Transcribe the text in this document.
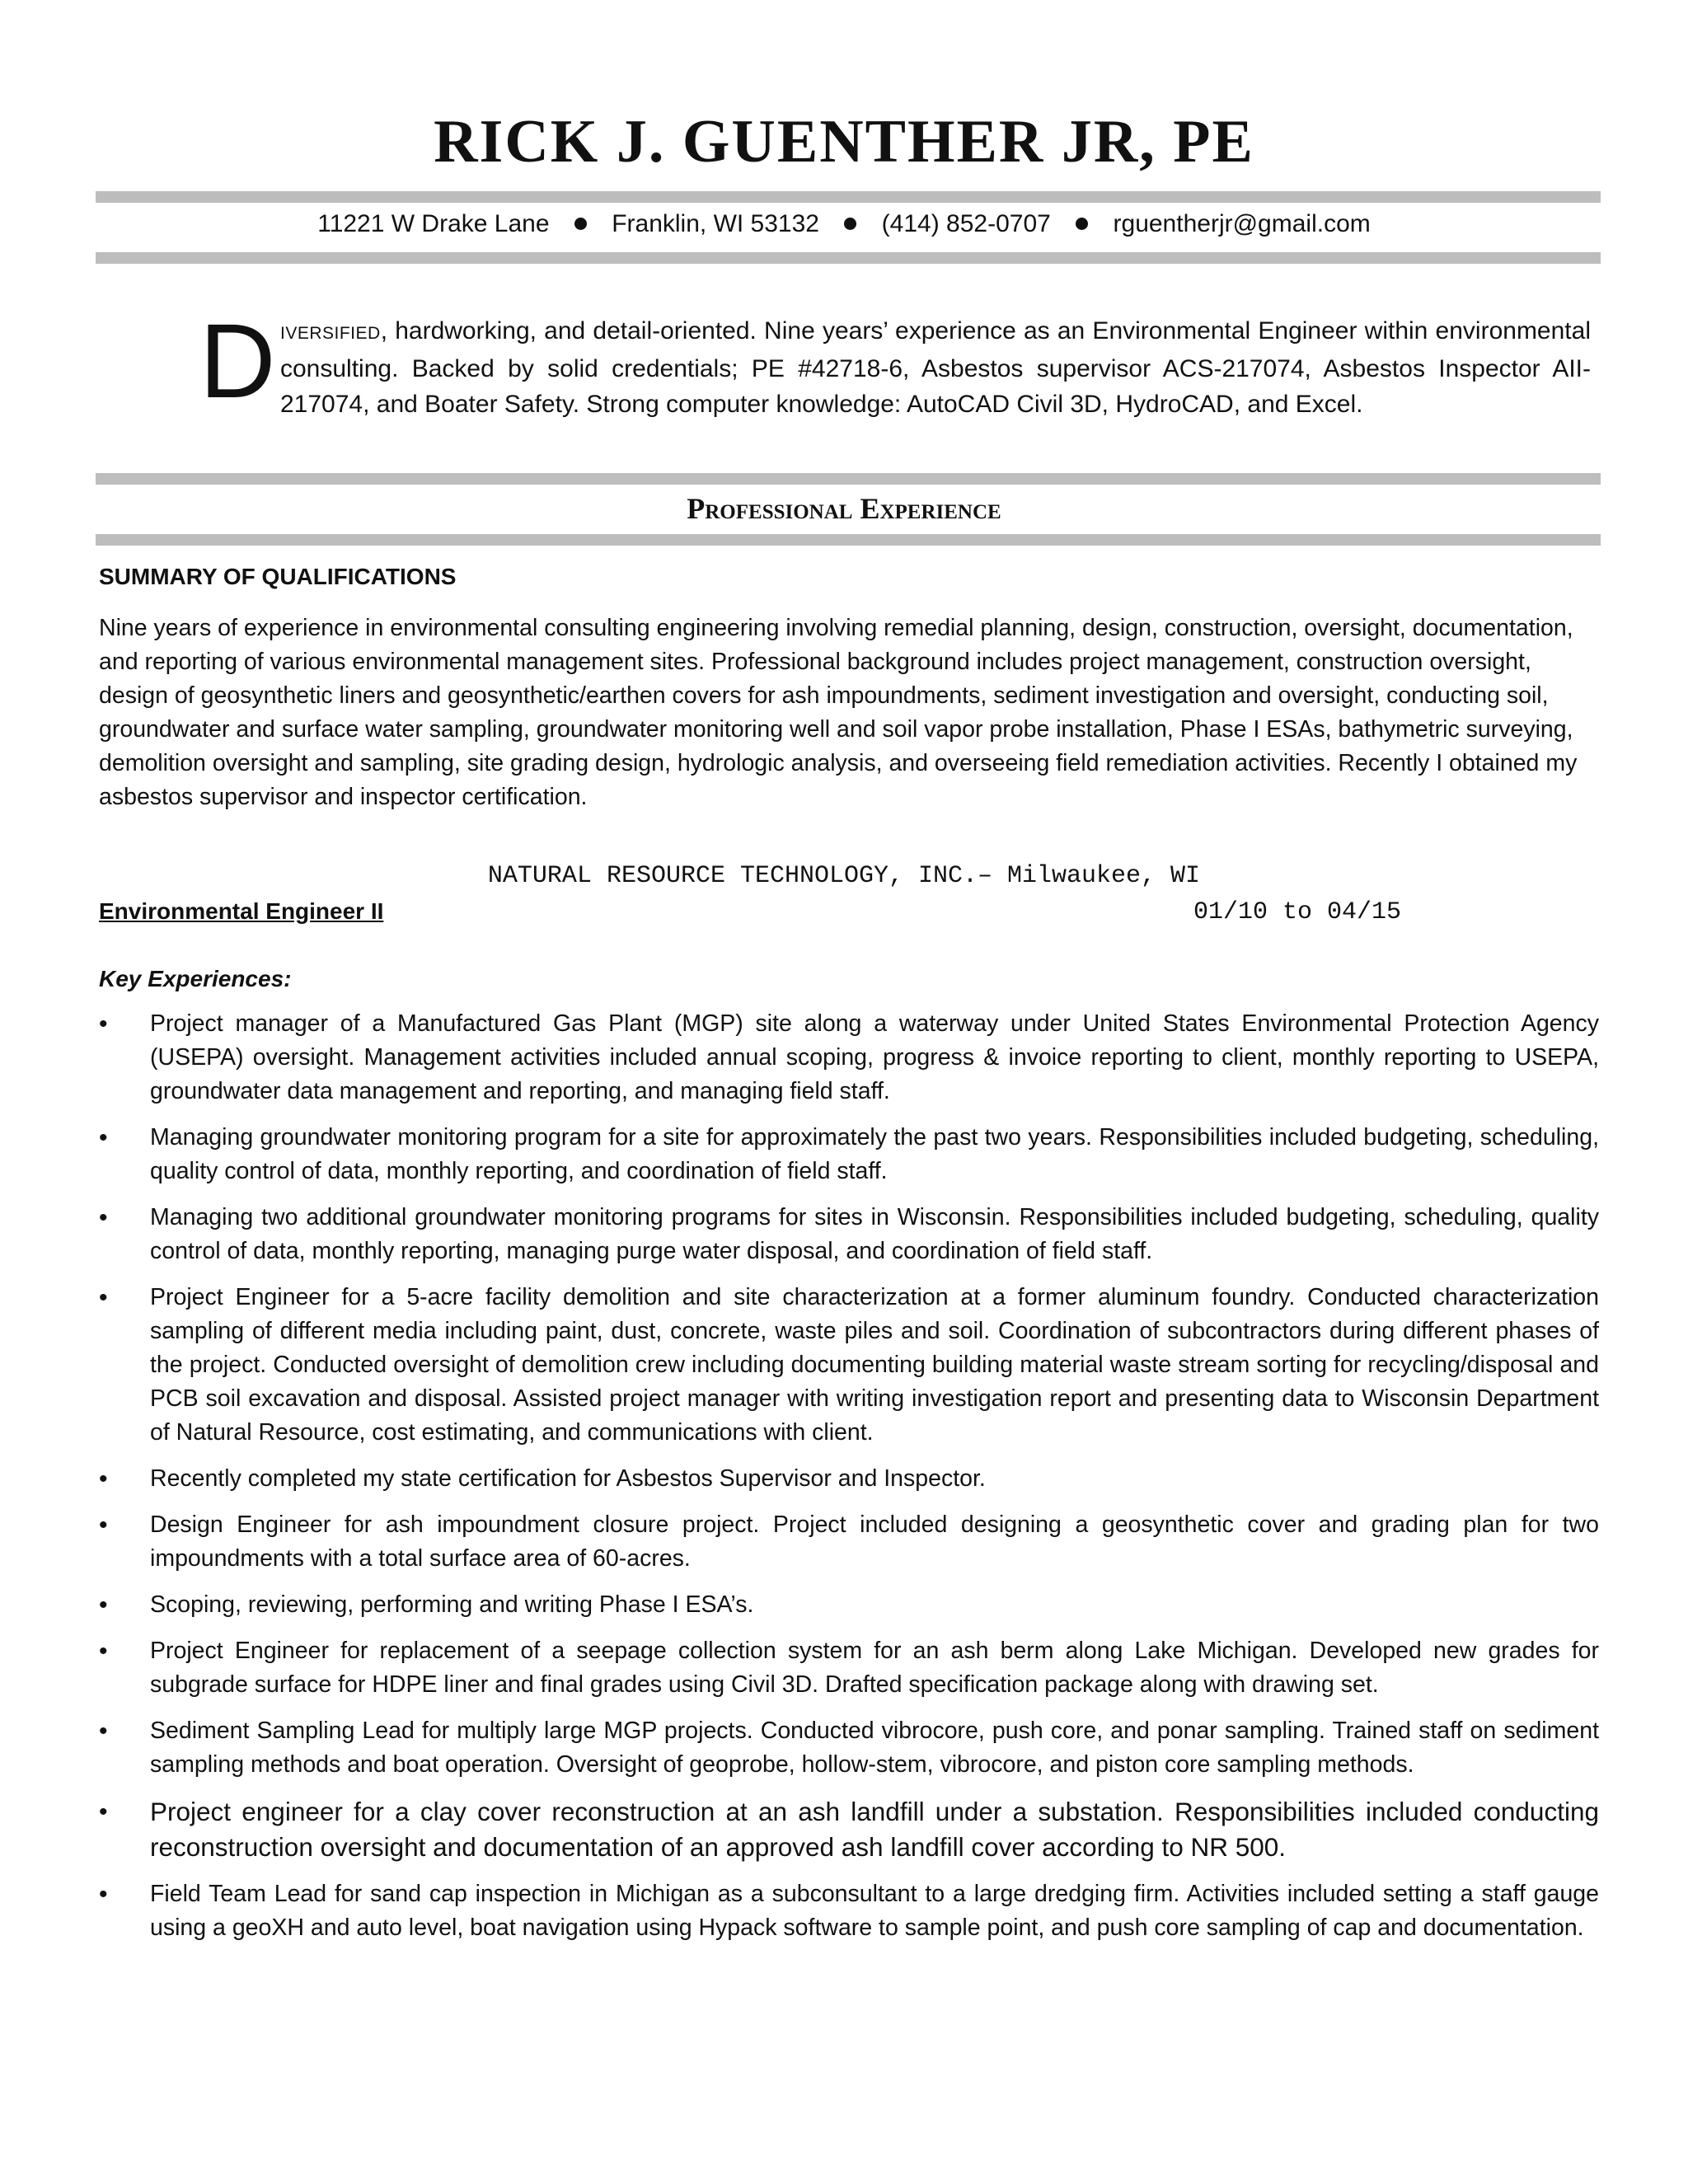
RICK J. GUENTHER JR, PE
11221 W Drake Lane	Franklin, WI 53132	(414) 852-0707	rguentherjr@gmail.com
D IVERSIFIED, hardworking, and detail-oriented. Nine years’ experience as an Environmental Engineer within environmental consulting. Backed by solid credentials; PE #42718-6, Asbestos supervisor ACS-217074, Asbestos Inspector AII-217074, and Boater Safety. Strong computer knowledge: AutoCAD Civil 3D, HydroCAD, and Excel.

Professional Experience
SUMMARY OF QUALIFICATIONS

Nine years of experience in environmental consulting engineering involving remedial planning, design, construction, oversight, documentation, and reporting of various environmental management sites. Professional background includes project management, construction oversight, design of geosynthetic liners and geosynthetic/earthen covers for ash impoundments, sediment investigation and oversight, conducting soil, groundwater and surface water sampling, groundwater monitoring well and soil vapor probe installation, Phase I ESAs, bathymetric surveying, demolition oversight and sampling, site grading design, hydrologic analysis, and overseeing field remediation activities. Recently I obtained my asbestos supervisor and inspector certification.

NATURAL RESOURCE TECHNOLOGY, INC.– Milwaukee, WI
Environmental Engineer II	01/10 to 04/15
Key Experiences:
• Project manager of a Manufactured Gas Plant (MGP) site along a waterway under United States Environmental Protection Agency (USEPA) oversight. Management activities included annual scoping, progress & invoice reporting to client, monthly reporting to USEPA, groundwater data management and reporting, and managing field staff.
• Managing groundwater monitoring program for a site for approximately the past two years. Responsibilities included budgeting, scheduling, quality control of data, monthly reporting, and coordination of field staff.
• Managing two additional groundwater monitoring programs for sites in Wisconsin. Responsibilities included budgeting, scheduling, quality control of data, monthly reporting, managing purge water disposal, and coordination of field staff.
• Project Engineer for a 5-acre facility demolition and site characterization at a former aluminum foundry. Conducted characterization sampling of different media including paint, dust, concrete, waste piles and soil. Coordination of subcontractors during different phases of the project. Conducted oversight of demolition crew including documenting building material waste stream sorting for recycling/disposal and PCB soil excavation and disposal. Assisted project manager with writing investigation report and presenting data to Wisconsin Department of Natural Resource, cost estimating, and communications with client.
• Recently completed my state certification for Asbestos Supervisor and Inspector.
• Design Engineer for ash impoundment closure project. Project included designing a geosynthetic cover and grading plan for two impoundments with a total surface area of 60-acres.
• Scoping, reviewing, performing and writing Phase I ESA’s.
• Project Engineer for replacement of a seepage collection system for an ash berm along Lake Michigan. Developed new grades for subgrade surface for HDPE liner and final grades using Civil 3D. Drafted specification package along with drawing set.
• Sediment Sampling Lead for multiply large MGP projects. Conducted vibrocore, push core, and ponar sampling. Trained staff on sediment sampling methods and boat operation. Oversight of geoprobe, hollow-stem, vibrocore, and piston core sampling methods.
• Project engineer for a clay cover reconstruction at an ash landfill under a substation. Responsibilities included conducting reconstruction oversight and documentation of an approved ash landfill cover according to NR 500.
• Field Team Lead for sand cap inspection in Michigan as a subconsultant to a large dredging firm. Activities included setting a staff gauge using a geoXH and auto level, boat navigation using Hypack software to sample point, and push core sampling of cap and documentation.
